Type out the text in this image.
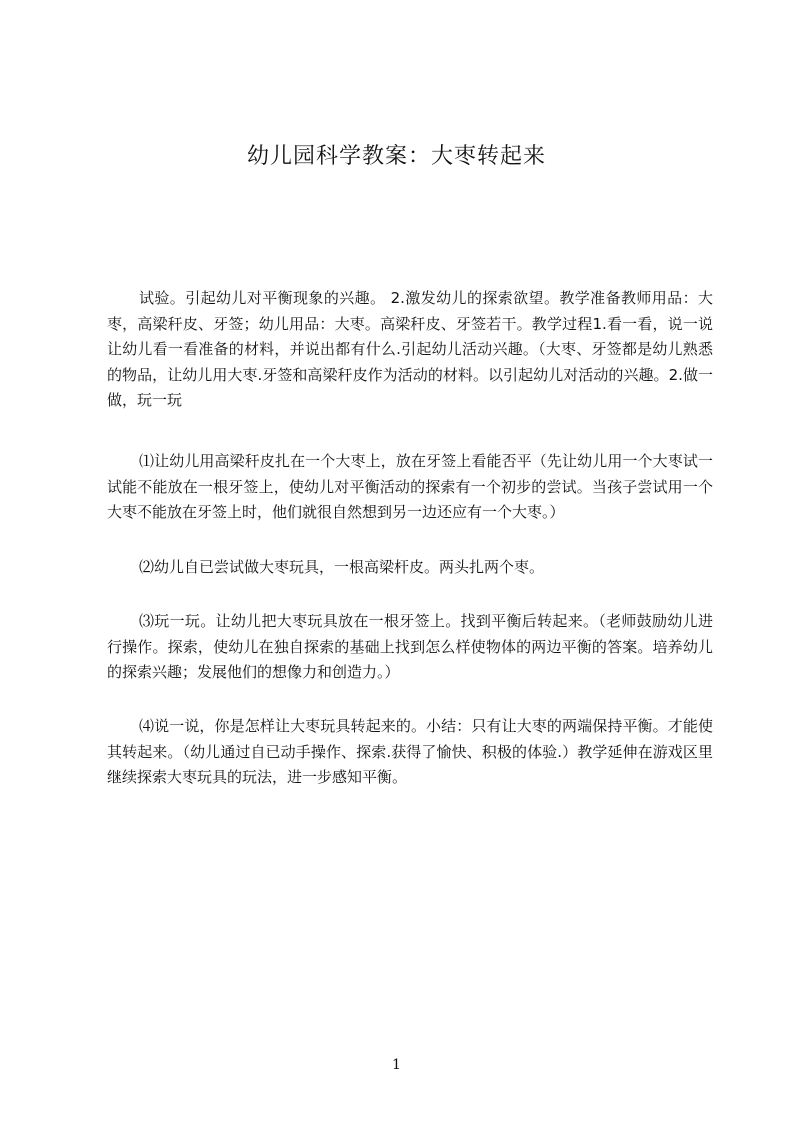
幼儿园科学教案：大枣转起来

试验。引起幼儿对平衡现象的兴趣。 2.激发幼儿的探索欲望。教学准备教师用品：大枣，高梁秆皮、牙签；幼儿用品：大枣。高梁秆皮、牙签若干。教学过程1.看一看，说一说让幼儿看一看准备的材料，并说出都有什么.引起幼儿活动兴趣。（大枣、牙签都是幼儿熟悉的物品，让幼儿用大枣.牙签和高梁秆皮作为活动的材料。以引起幼儿对活动的兴趣。2.做一做，玩一玩

⑴让幼儿用高梁秆皮扎在一个大枣上，放在牙签上看能否平（先让幼儿用一个大枣试一试能不能放在一根牙签上，使幼儿对平衡活动的探索有一个初步的尝试。当孩子尝试用一个大枣不能放在牙签上时，他们就很自然想到另一边还应有一个大枣。）

⑵幼儿自已尝试做大枣玩具，一根高梁杆皮。两头扎两个枣。

⑶玩一玩。让幼儿把大枣玩具放在一根牙签上。找到平衡后转起来。（老师鼓励幼儿进行操作。探索，使幼儿在独自探索的基础上找到怎么样使物体的两边平衡的答案。培养幼儿的探索兴趣；发展他们的想像力和创造力。）

⑷说一说，你是怎样让大枣玩具转起来的。小结：只有让大枣的两端保持平衡。才能使其转起来。（幼儿通过自已动手操作、探索.获得了愉快、积极的体验.）教学延伸在游戏区里继续探索大枣玩具的玩法，进一步感知平衡。

1
